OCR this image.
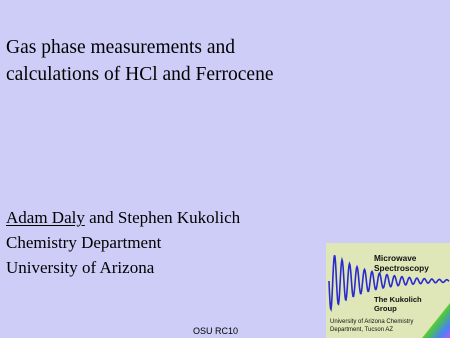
Gas phase measurements and
calculations of HCl and Ferrocene
Adam Daly and Stephen Kukolich
Chemistry Department
University of Arizona
OSU RC10
Microwave
Spectroscopy
The Kukolich
Group
University of Arizona Chemistry
Department, Tucson AZ
